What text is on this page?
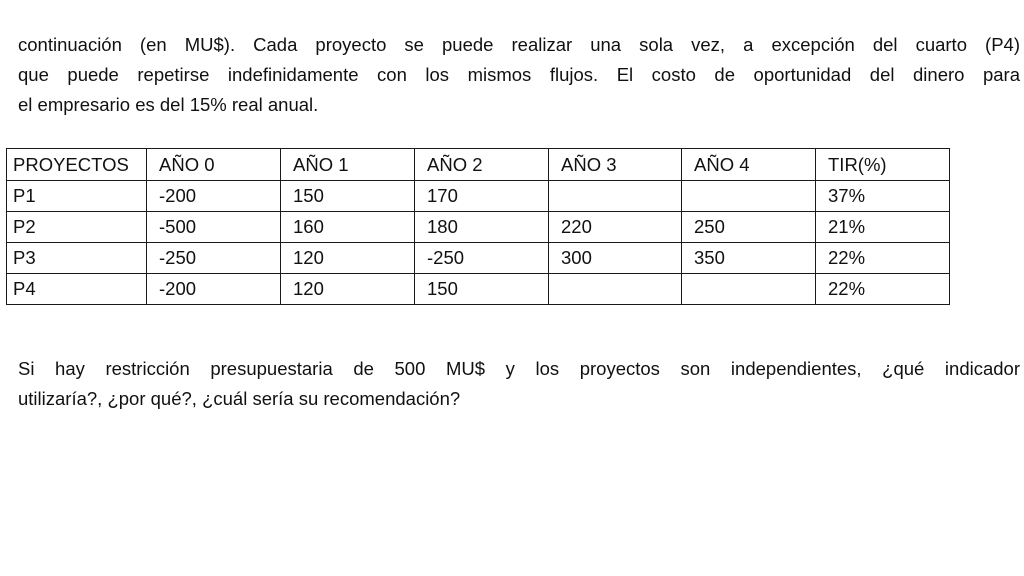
continuación (en MU$). Cada proyecto se puede realizar una sola vez, a excepción del cuarto (P4)
que puede repetirse indefinidamente con los mismos flujos. El costo de oportunidad del dinero para
el empresario es del 15% real anual.

PROYECTOS	AÑO 0	AÑO 1	AÑO 2	AÑO 3	AÑO 4	TIR(%)
P1	-200	150	170			37%
P2	-500	160	180	220	250	21%
P3	-250	120	-250	300	350	22%
P4	-200	120	150			22%

Si hay restricción presupuestaria de 500 MU$ y los proyectos son independientes, ¿qué indicador
utilizaría?, ¿por qué?, ¿cuál sería su recomendación?
